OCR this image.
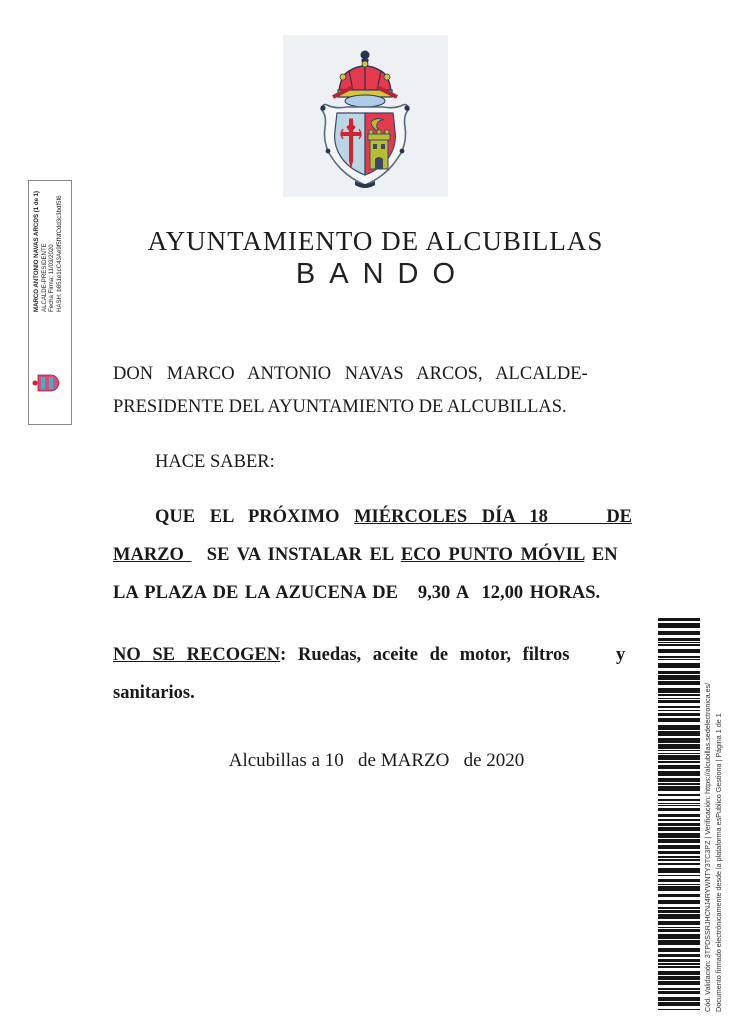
MARCO ANTONIO NAVAS ARCOS (1 de 1) ALCALDE-PRESIDENTE Fecha Firma: 11/03/2020 HASH: b851e1cC43Ae9f5fNfCdd3c3bdf5f6	AYUNTAMIENTO DE ALCUBILLAS
BANDO
DON MARCO ANTONIO NAVAS ARCOS, ALCALDE-
PRESIDENTE DEL AYUNTAMIENTO DE ALCUBILLAS.
HACE SABER:
QUE EL PRÓXIMO MIÉRCOLES DÍA 18    DE
MARZO   SE VA INSTALAR EL ECO PUNTO MÓVIL EN
LA PLAZA DE LA AZUCENA DE   9,30 A  12,00 HORAS.
NO SE RECOGEN: Ruedas, aceite de motor, filtros    y
sanitarios.
Alcubillas a 10   de MARZO   de 2020	Cód. Validación: 3TPDSSRJHCNJ4RYWNTY3TC3PZ | Verificación: https://alcubillas.sedelectronica.es/ Documento firmado electrónicamente desde la plataforma esPublico Gestiona | Página 1 de 1
